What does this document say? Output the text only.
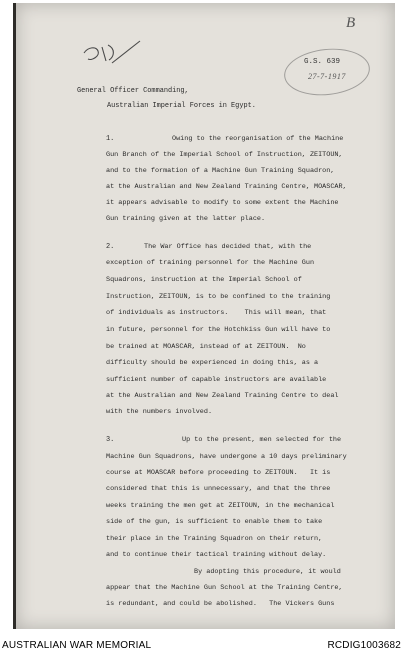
B
G.S. 639
27-7-1917
General Officer Commanding,
Australian Imperial Forces in Egypt.
1.	Owing to the reorganisation of the Machine
Gun Branch of the Imperial School of Instruction, ZEITOUN,
and to the formation of a Machine Gun Training Squadron,
at the Australian and New Zealand Training Centre, MOASCAR,
it appears advisable to modify to some extent the Machine
Gun training given at the latter place.
2.	The War Office has decided that, with the
exception of training personnel for the Machine Gun
Squadrons, instruction at the Imperial School of
Instruction, ZEITOUN, is to be confined to the training
of individuals as instructors.    This will mean, that
in future, personnel for the Hotchkiss Gun will have to
be trained at MOASCAR, instead of at ZEITOUN.  No
difficulty should be experienced in doing this, as a
sufficient number of capable instructors are available
at the Australian and New Zealand Training Centre to deal
with the numbers involved.
3.	Up to the present, men selected for the
Machine Gun Squadrons, have undergone a 10 days preliminary
course at MOASCAR before proceeding to ZEITOUN.   It is
considered that this is unnecessary, and that the three
weeks training the men get at ZEITOUN, in the mechanical
side of the gun, is sufficient to enable them to take
their place in the Training Squadron on their return,
and to continue their tactical training without delay.
By adopting this procedure, it would
appear that the Machine Gun School at the Training Centre,
is redundant, and could be abolished.   The Vickers Guns
AUSTRALIAN WAR MEMORIAL	RCDIG1003682
